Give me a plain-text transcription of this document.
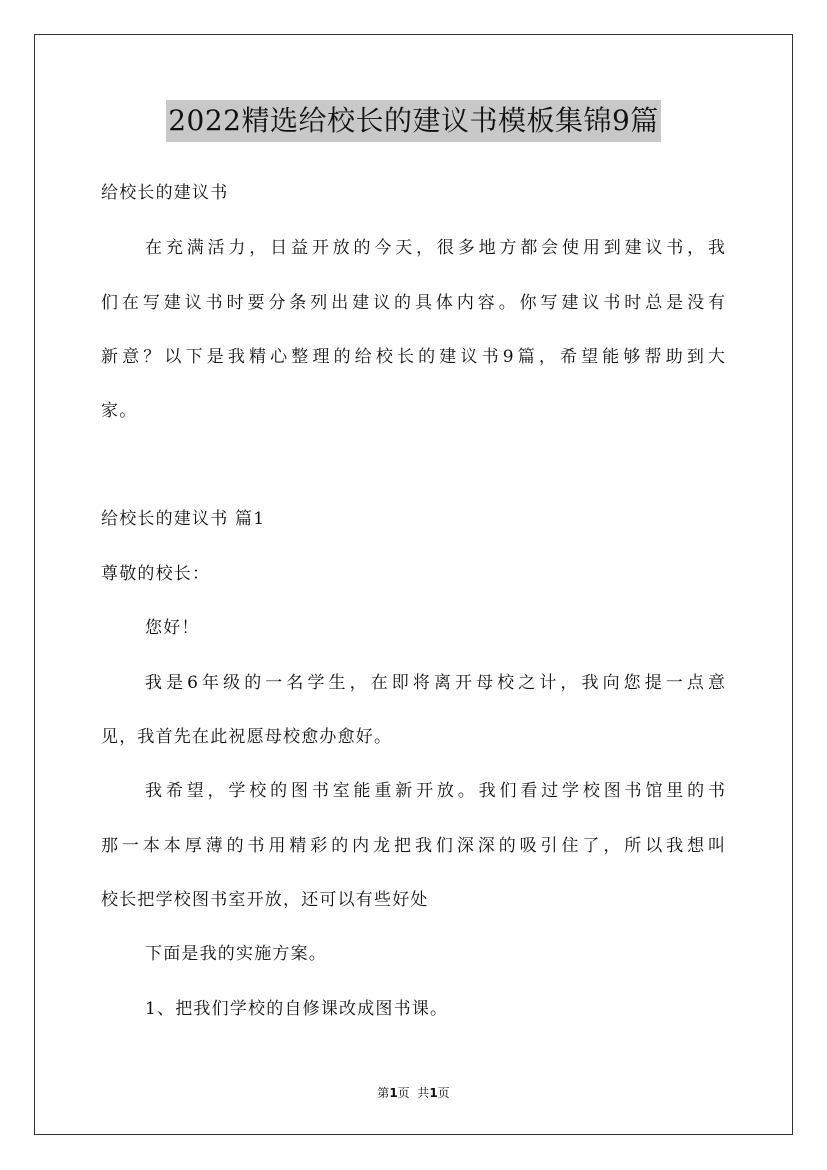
2022精选给校长的建议书模板集锦9篇
给校长的建议书
在充满活力，日益开放的今天，很多地方都会使用到建议书，我
们在写建议书时要分条列出建议的具体内容。你写建议书时总是没有
新意？以下是我精心整理的给校长的建议书9篇，希望能够帮助到大
家。
给校长的建议书 篇1
尊敬的校长：
您好！
我是6年级的一名学生，在即将离开母校之计，我向您提一点意
见，我首先在此祝愿母校愈办愈好。
我希望，学校的图书室能重新开放。我们看过学校图书馆里的书
那一本本厚薄的书用精彩的内龙把我们深深的吸引住了，所以我想叫
校长把学校图书室开放，还可以有些好处
下面是我的实施方案。
1、把我们学校的自修课改成图书课。
第1页  共1页
